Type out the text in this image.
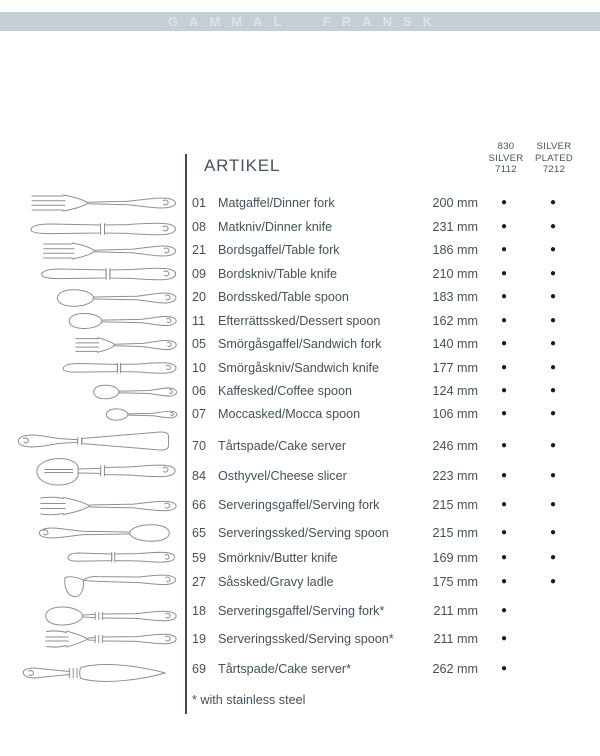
GAMMAL FRANSK
ARTIKEL
830
SILVER
7112
SILVER
PLATED
7212
01 Matgaffel/Dinner fork	200 mm	●	●
08 Matkniv/Dinner knife	231 mm	●	●
21 Bordsgaffel/Table fork	186 mm	●	●
09 Bordskniv/Table knife	210 mm	●	●
20 Bordssked/Table spoon	183 mm	●	●
11	Efterrättssked/Dessert spoon	162 mm	●	●
05 Smörgåsgaffel/Sandwich fork	140 mm	●	●
10 Smörgåskniv/Sandwich knife	177 mm	●	●
06 Kaffesked/Coffee spoon	124 mm	●	●
07 Moccasked/Mocca spoon	106 mm	●	●
70 Tårtspade/Cake server	246 mm	●	●
84 Osthyvel/Cheese slicer	223 mm	●	●
66 Serveringsgaffel/Serving fork	215 mm	●	●
65 Serveringssked/Serving spoon	215 mm	●	●
59 Smörkniv/Butter knife	169 mm	●	●
27 Såssked/Gravy ladle	175 mm	●	●
18 Serveringsgaffel/Serving fork*	211 mm	●
19 Serveringssked/Serving spoon*	211 mm	●
69 Tårtspade/Cake server*	262 mm	●
* with stainless steel
